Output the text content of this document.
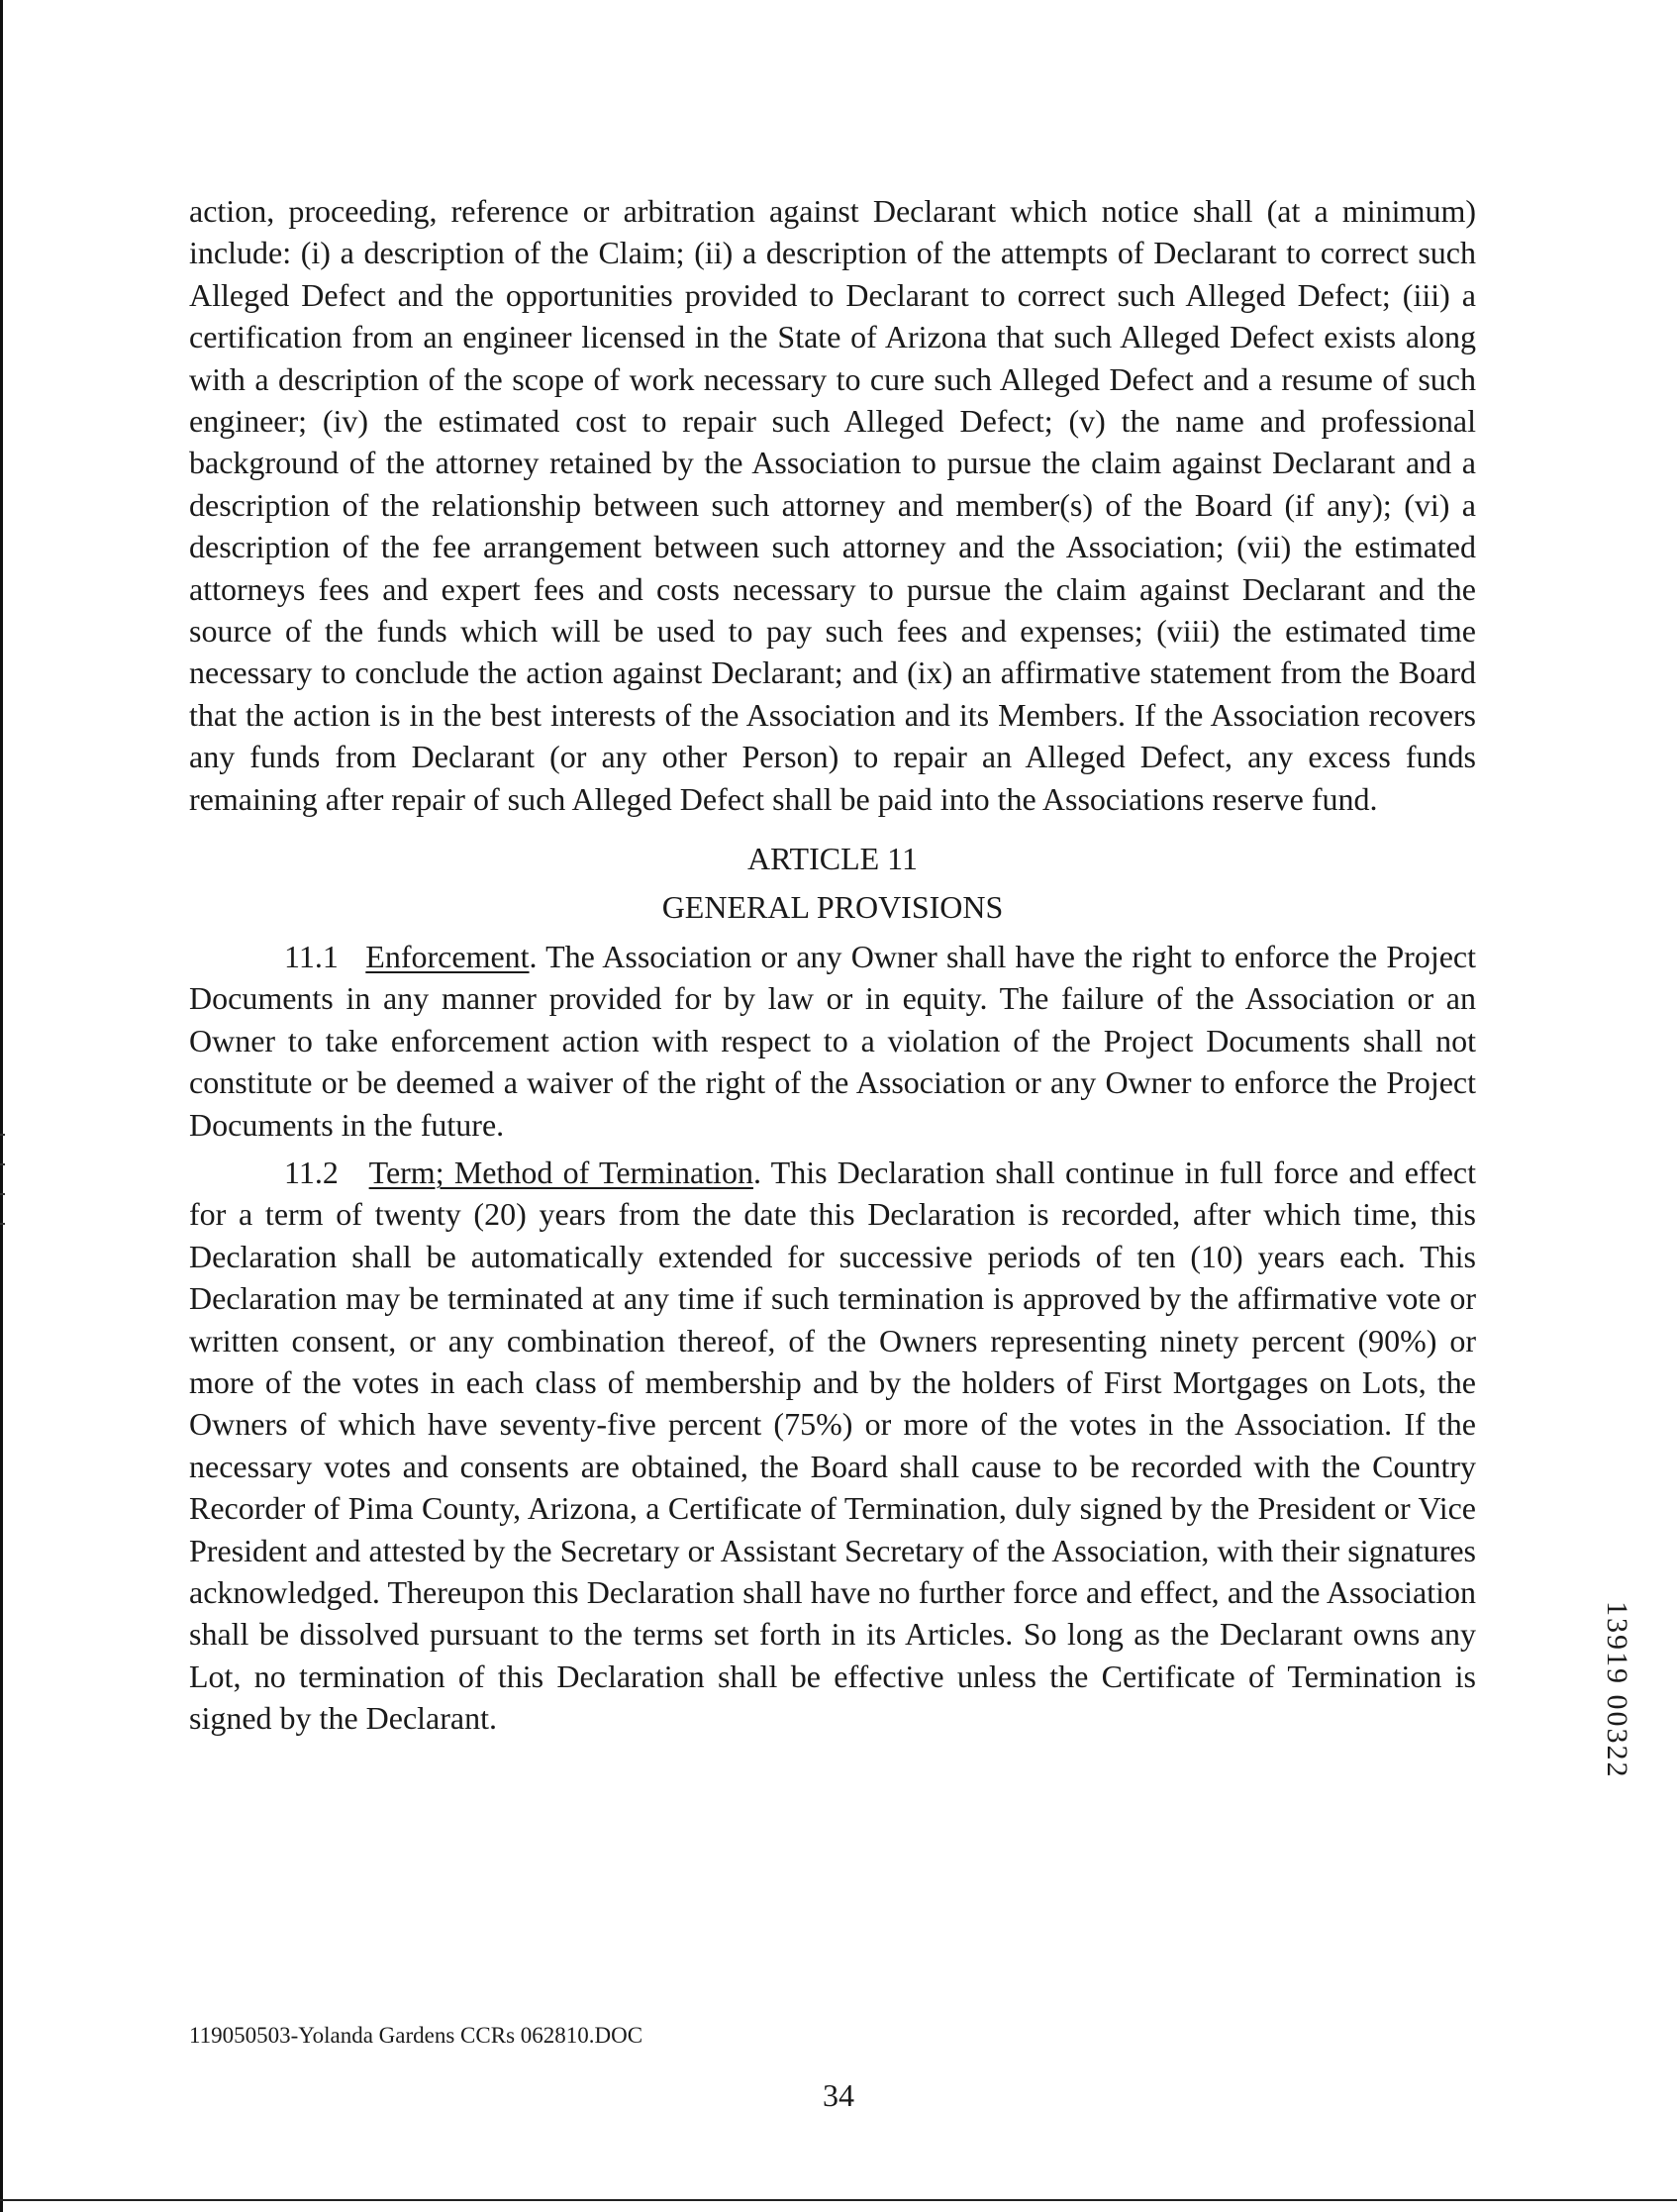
action, proceeding, reference or arbitration against Declarant which notice shall (at a minimum) include: (i) a description of the Claim; (ii) a description of the attempts of Declarant to correct such Alleged Defect and the opportunities provided to Declarant to correct such Alleged Defect; (iii) a certification from an engineer licensed in the State of Arizona that such Alleged Defect exists along with a description of the scope of work necessary to cure such Alleged Defect and a resume of such engineer; (iv) the estimated cost to repair such Alleged Defect; (v) the name and professional background of the attorney retained by the Association to pursue the claim against Declarant and a description of the relationship between such attorney and member(s) of the Board (if any); (vi) a description of the fee arrangement between such attorney and the Association; (vii) the estimated attorneys fees and expert fees and costs necessary to pursue the claim against Declarant and the source of the funds which will be used to pay such fees and expenses; (viii) the estimated time necessary to conclude the action against Declarant; and (ix) an affirmative statement from the Board that the action is in the best interests of the Association and its Members. If the Association recovers any funds from Declarant (or any other Person) to repair an Alleged Defect, any excess funds remaining after repair of such Alleged Defect shall be paid into the Associations reserve fund.

ARTICLE 11

GENERAL PROVISIONS

11.1 Enforcement. The Association or any Owner shall have the right to enforce the Project Documents in any manner provided for by law or in equity. The failure of the Association or an Owner to take enforcement action with respect to a violation of the Project Documents shall not constitute or be deemed a waiver of the right of the Association or any Owner to enforce the Project Documents in the future.

11.2 Term; Method of Termination. This Declaration shall continue in full force and effect for a term of twenty (20) years from the date this Declaration is recorded, after which time, this Declaration shall be automatically extended for successive periods of ten (10) years each. This Declaration may be terminated at any time if such termination is approved by the affirmative vote or written consent, or any combination thereof, of the Owners representing ninety percent (90%) or more of the votes in each class of membership and by the holders of First Mortgages on Lots, the Owners of which have seventy-five percent (75%) or more of the votes in the Association. If the necessary votes and consents are obtained, the Board shall cause to be recorded with the Country Recorder of Pima County, Arizona, a Certificate of Termination, duly signed by the President or Vice President and attested by the Secretary or Assistant Secretary of the Association, with their signatures acknowledged. Thereupon this Declaration shall have no further force and effect, and the Association shall be dissolved pursuant to the terms set forth in its Articles. So long as the Declarant owns any Lot, no termination of this Declaration shall be effective unless the Certificate of Termination is signed by the Declarant.

119050503-Yolanda Gardens CCRs 062810.DOC
34
13919 00322
